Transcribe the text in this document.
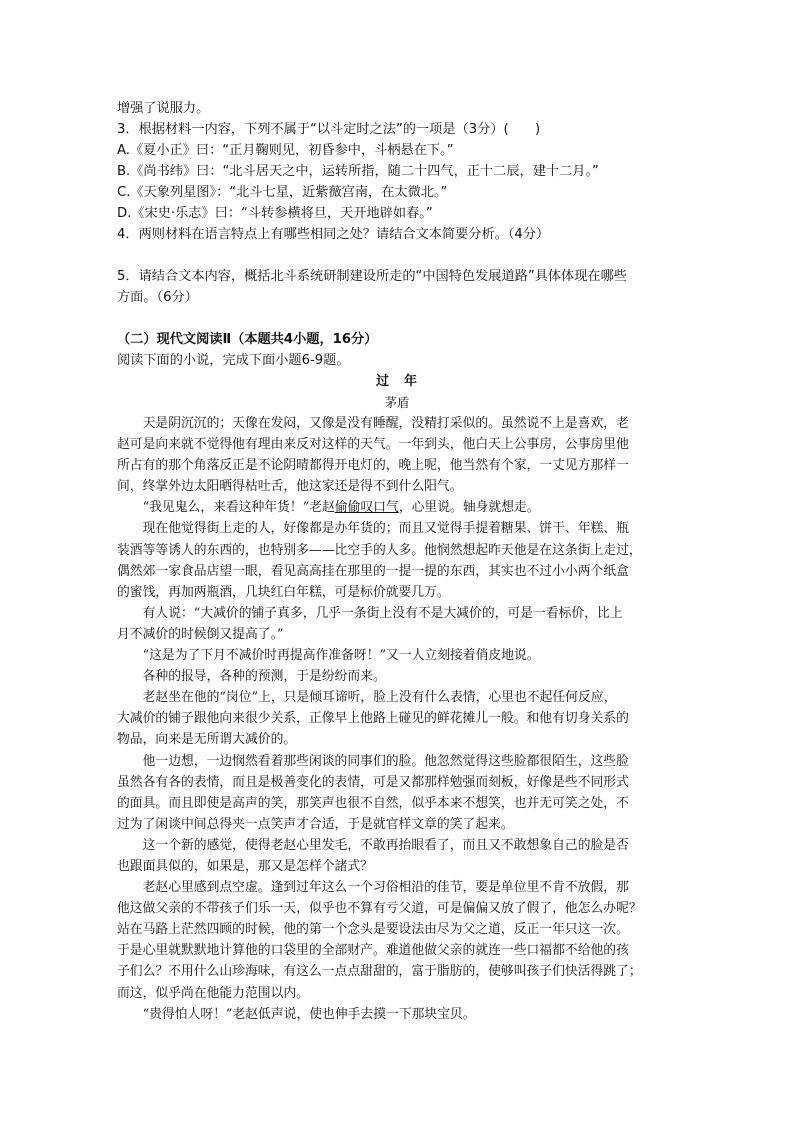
增强了说服力。
3．根据材料一内容，下列不属于“以斗定时之法”的一项是（3分）(　　)
A.《夏小正》曰：“正月鞠则见，初昏参中，斗柄悬在下。”
B.《尚书纬》曰：“北斗居天之中，运转所指，随二十四气，正十二辰，建十二月。”
C.《天象列星图》：“北斗七星，近紫薇宫南，在太微北。”
D.《宋史·乐志》曰：“斗转参横将旦，天开地辟如春。”
4．两则材料在语言特点上有哪些相同之处？请结合文本简要分析。（4分）
5．请结合文本内容，概括北斗系统研制建设所走的“中国特色发展道路”具体体现在哪些
方面。（6分）
（二）现代文阅读Ⅱ（本题共4小题，16分）
阅读下面的小说，完成下面小题6-9题。
过　年
茅盾
　　天是阴沉沉的；天像在发闷，又像是没有睡醒，没精打采似的。虽然说不上是喜欢，老
赵可是向来就不觉得他有理由来反对这样的天气。一年到头，他白天上公事房，公事房里他
所占有的那个角落反正是不论阴晴都得开电灯的，晚上呢，他当然有个家，一丈见方那样一
间，终掌外边太阳晒得枯吐舌，他这家还是得不到什么阳气。
　　“我见鬼么，来看这种年货！”老赵偷偷叹口气，心里说。轴身就想走。
　　现在他觉得街上走的人，好像都是办年货的；而且又觉得手提着糖果、饼干、年糕、瓶
装酒等等诱人的东西的，也特别多——比空手的人多。他悯然想起昨天他是在这条街上走过，
偶然郊一家食品店望一眼，看见高高挂在那里的一提一提的东西，其实也不过小小两个纸盒
的蜜饯，再加两瓶酒，几块红白年糕，可是标价就要几万。
　　有人说：“大减价的铺子真多，几乎一条街上没有不是大减价的，可是一看标价，比上
月不减价的时候倒又提高了。”
　　“这是为了下月不减价时再提高作准备呀！”又一人立刻接着俏皮地说。
　　各种的报导，各种的预测，于是纷纷而来。
　　老赵坐在他的“岗位”上，只是倾耳谛听，脸上没有什么表情，心里也不起任何反应，
大减价的铺子跟他向来很少关系，正像早上他路上碰见的鲜花摊儿一般。和他有切身关系的
物品，向来是无所谓大减价的。
　　他一边想，一边悯然看着那些闲谈的同事们的脸。他忽然觉得这些脸都很陌生，这些脸
虽然各有各的表情，而且是极善变化的表情，可是又都那样勉强而刻板，好像是些不同形式
的面具。而且即使是高声的笑，那笑声也很不自然，似乎本来不想笑，也并无可笑之处，不
过为了闲谈中间总得夹一点笑声才合适，于是就官样文章的笑了起来。
　　这一个新的感觉，使得老赵心里发毛，不敢再抬眼看了，而且又不敢想象自己的脸是否
也跟面具似的，如果是，那又是怎样个諸式？
　　老赵心里感到点空虚。逢到过年这么一个习俗相沿的佳节，要是单位里不肯不放假，那
他这做父亲的不带孩子们乐一天，似乎也不算有亏父道，可是偏偏又放了假了，他怎么办呢？
站在马路上茫然四顾的时候，他的第一个念头是要设法由尽为父之道，反正一年只这一次。
于是心里就默默地计算他的口袋里的全部财产。难道他做父亲的就连一些口福都不给他的孩
子们么？不用什么山珍海味，有这么一点点甜甜的，富于脂肪的，使够叫孩子们快活得跳了；
而这，似乎尚在他能力范围以内。
　　“贵得怕人呀！”老赵低声说，使也伸手去摸一下那块宝贝。
